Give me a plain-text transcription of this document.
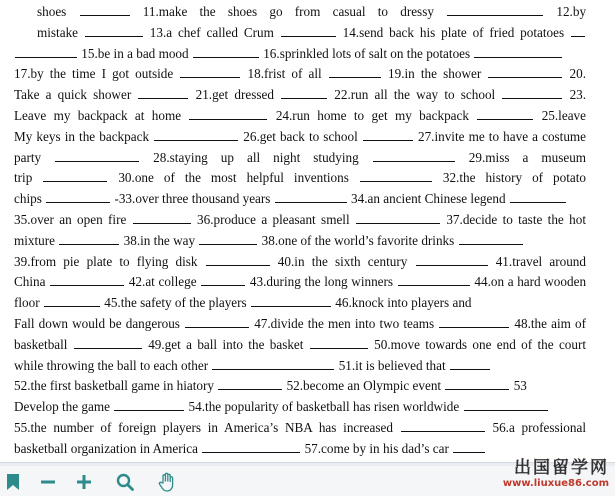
shoes	11.make the shoes go from casual to dressy	12.by
mistake	13.a chef called Crum	14.send back his plate of fried potatoes
15.be in a bad mood	16.sprinkled lots of salt on the potatoes
17.by the time I got outside	18.frist of all	19.in the shower	20.
Take a quick shower	21.get dressed	22.run all the way to school	23.
Leave my backpack at home	24.run home to get my backpack	25.leave
My keys in the backpack	26.get back to school	27.invite me to have a costume
party	28.staying up all night studying	29.miss a museum
trip	30.one of the most helpful inventions	32.the history of potato
chips	-33.over three thousand years	34.an ancient Chinese legend
35.over an open fire	36.produce a pleasant smell	37.decide to taste the hot
mixture	38.in the way	38.one of the world’s favorite drinks
39.from pie plate to flying disk	40.in the sixth century	41.travel around
China	42.at college	43.during the long winners	44.on a hard wooden
floor	45.the safety of the players	46.knock into players and
Fall down would be dangerous	47.divide the men into two teams	48.the aim of
basketball	49.get a ball into the basket	50.move towards one end of the court
while throwing the ball to each other	51.it is believed that
52.the first basketball game in hiatory	52.become an Olympic event	53
Develop the game	54.the popularity of basketball has risen worldwide
55.the number of foreign players in America’s NBA has increased	56.a professional
basketball organization in America	57.come by in his dad’s car
出国留学网
www.liuxue86.com
